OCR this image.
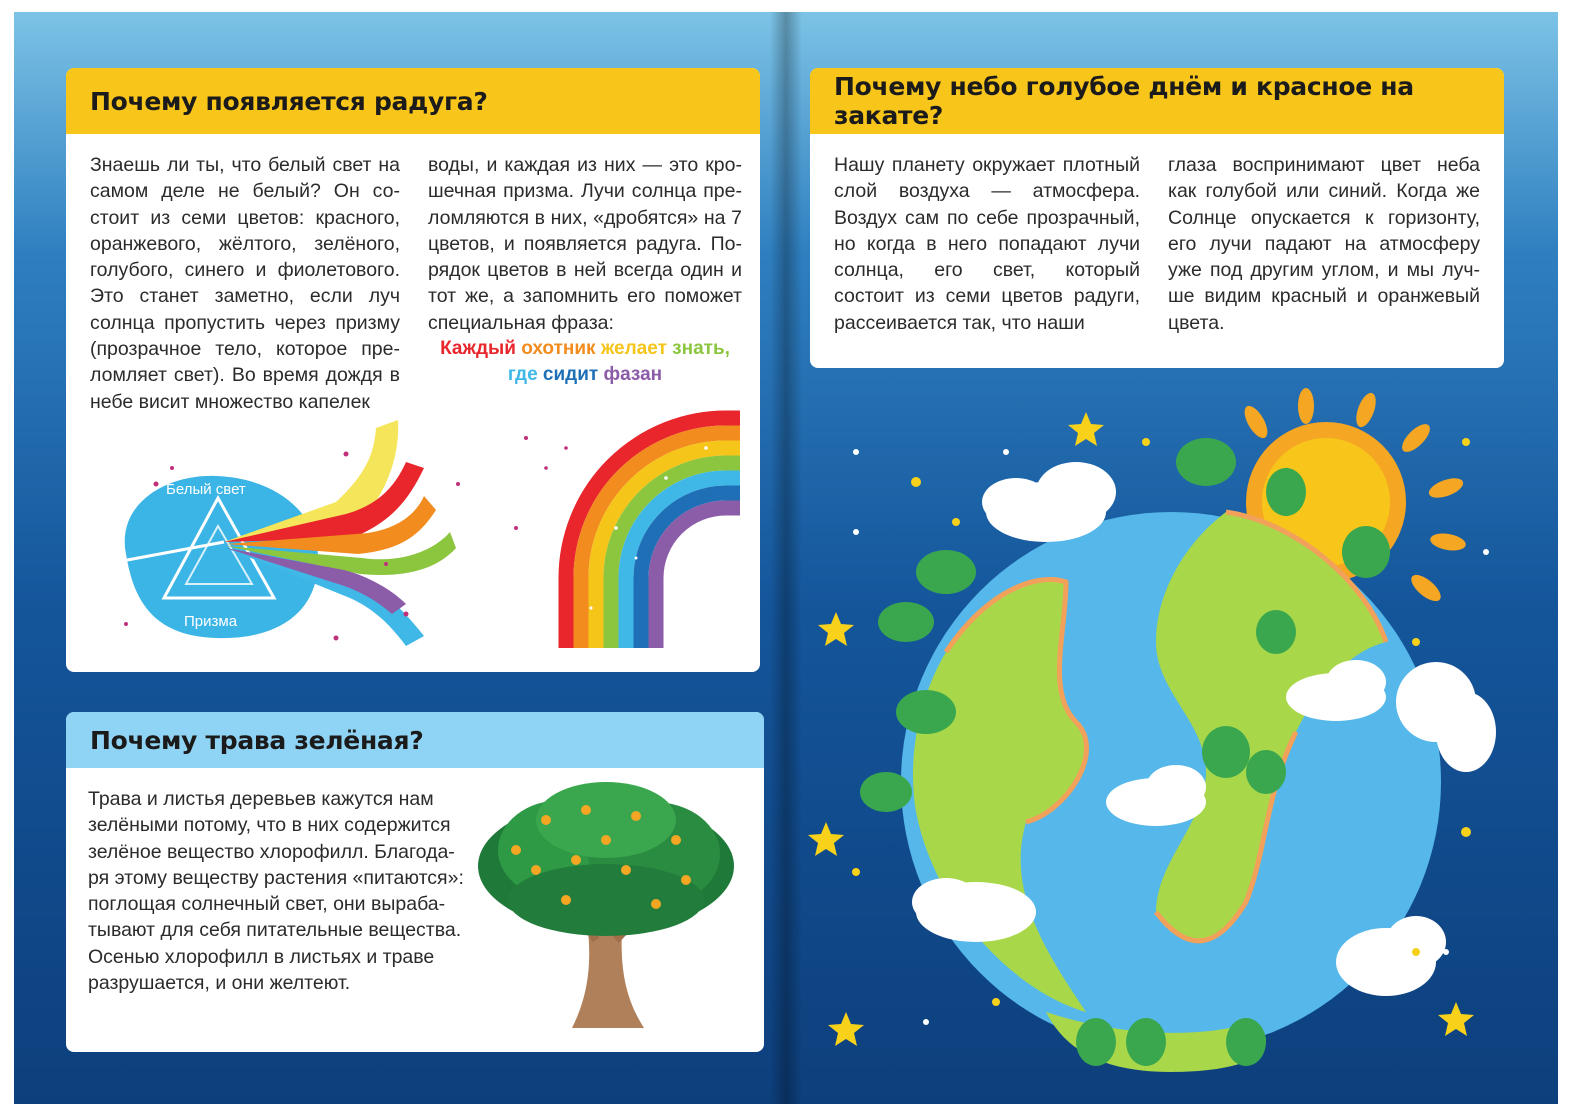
Почему появляется радуга?
Знаешь ли ты, что белый свет на самом деле не белый? Он состоит из семи цветов: красного, оранжевого, жёлтого, зелёного, голубого, синего и фиолетового. Это станет заметно, если луч солнца пропустить через призму (прозрачное тело, которое преломляет свет). Во время дождя в небе висит множество капелек
воды, и каждая из них — это крошечная призма. Лучи солнца преломляются в них, «дробятся» на 7 цветов, и появляется радуга. Порядок цветов в ней всегда один и тот же, а запомнить его поможет специальная фраза:
Каждый охотник желает знать,
где сидит фазан
Белый свет
Призма
Почему трава зелёная?
Трава и листья деревьев кажутся нам зелёными потому, что в них содержится зелёное вещество хлорофилл. Благодаря этому веществу растения «питаются»: поглощая солнечный свет, они вырабатывают для себя питательные вещества. Осенью хлорофилл в листьях и траве разрушается, и они желтеют.
Почему небо голубое днём и красное на закате?
Нашу планету окружает плотный слой воздуха — атмосфера. Воздух сам по себе прозрачный, но когда в него попадают лучи солнца, его свет, который состоит из семи цветов радуги, рассеивается так, что наши
глаза воспринимают цвет неба как голубой или синий. Когда же Солнце опускается к горизонту, его лучи падают на атмосферу уже под другим углом, и мы лучше видим красный и оранжевый цвета.
